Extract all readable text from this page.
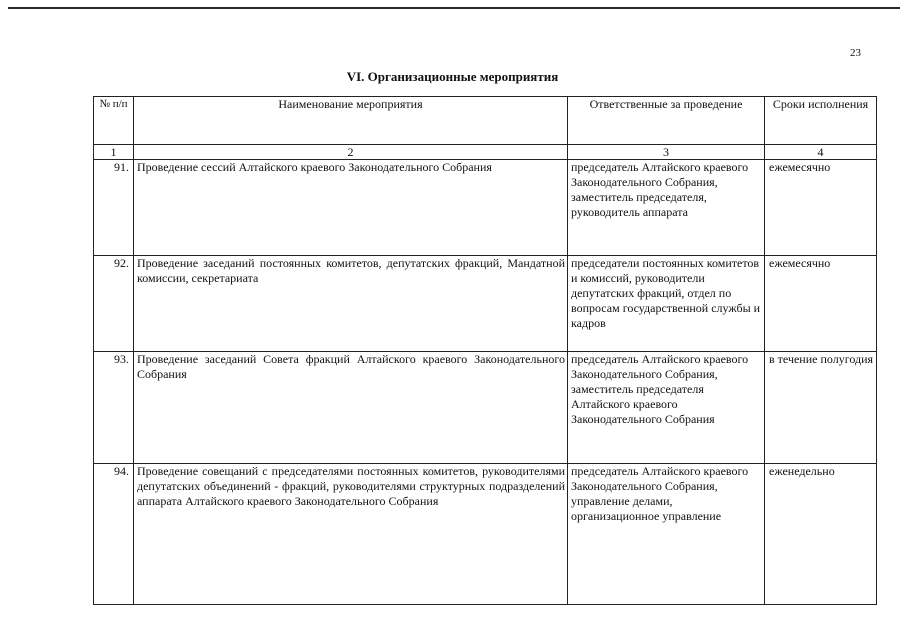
23
VI. Организационные мероприятия
№ п/п	Наименование мероприятия	Ответственные за проведение	Сроки исполнения
1	2	3	4
91.	Проведение сессий Алтайского краевого Законодательного Собрания	председатель Алтайского краевого Законодательного Собрания, заместитель председателя, руководитель аппарата	ежемесячно
92.	Проведение заседаний постоянных комитетов, депутатских фракций, Мандатной комиссии, секретариата	председатели постоянных комитетов и комиссий, руководители депутатских фракций, отдел по вопросам государственной службы и кадров	ежемесячно
93.	Проведение заседаний Совета фракций Алтайского краевого Законодательного Собрания	председатель Алтайского краевого Законодательного Собрания, заместитель председателя Алтайского краевого Законодательного Собрания	в течение полугодия
94.	Проведение совещаний с председателями постоянных комитетов, руководителями депутатских объединений - фракций, руководителями структурных подразделений аппарата Алтайского краевого Законодательного Собрания	председатель Алтайского краевого Законодательного Собрания, управление делами, организационное управление	еженедельно
